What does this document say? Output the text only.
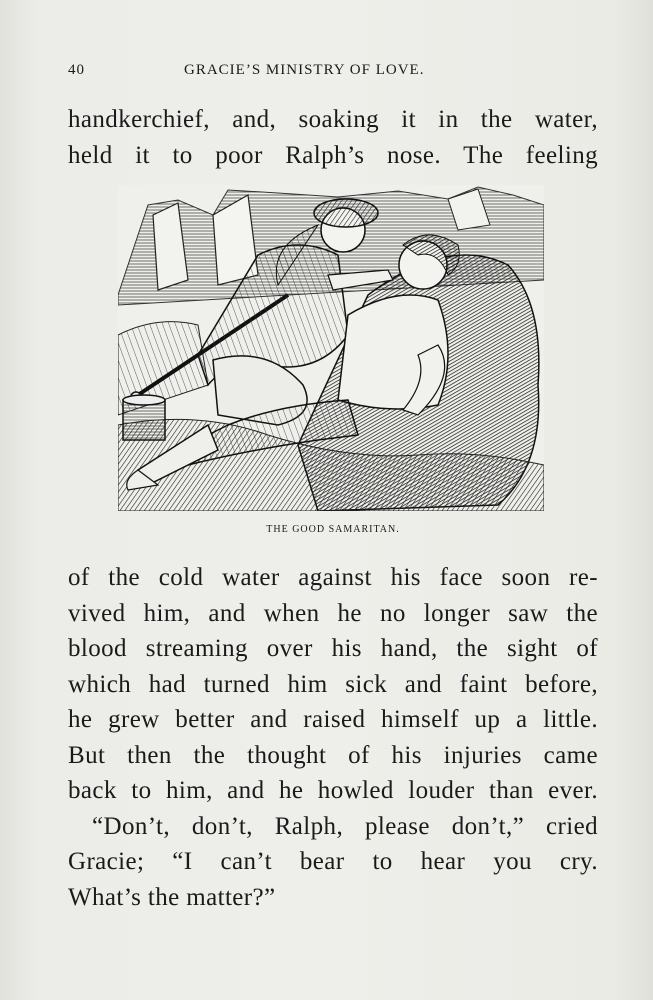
40	GRACIE’S MINISTRY OF LOVE.
handkerchief, and, soaking it in the water,
held it to poor Ralph’s nose. The feeling
THE GOOD SAMARITAN.
of the cold water against his face soon re-
vived him, and when he no longer saw the
blood streaming over his hand, the sight of
which had turned him sick and faint before,
he grew better and raised himself up a little.
But then the thought of his injuries came
back to him, and he howled louder than ever.
“Don’t, don’t, Ralph, please don’t,” cried
Gracie; “I can’t bear to hear you cry.
What’s the matter?”
